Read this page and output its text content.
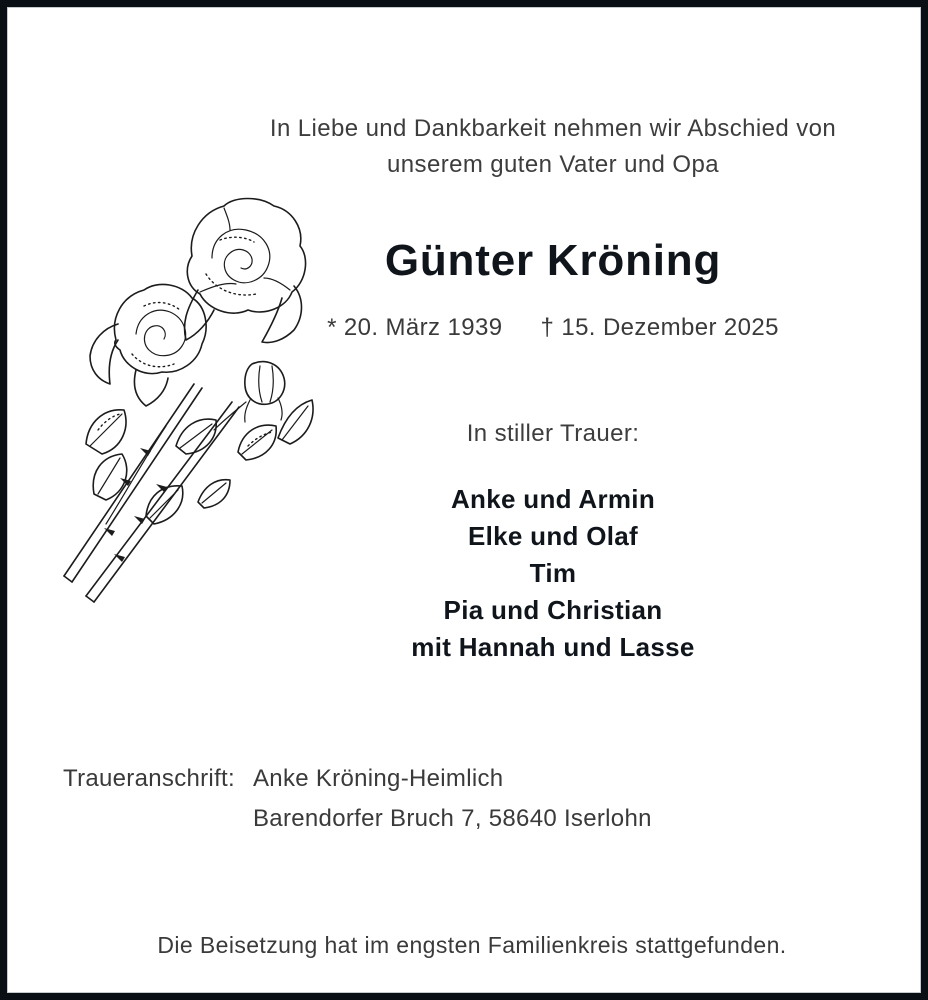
In Liebe und Dankbarkeit nehmen wir Abschied von
unserem guten Vater und Opa
Günter Kröning
* 20. März 1939 † 15. Dezember 2025
In stiller Trauer:
Anke und Armin
Elke und Olaf
Tim
Pia und Christian
mit Hannah und Lasse
Traueranschrift: Anke Kröning-Heimlich
Barendorfer Bruch 7, 58640 Iserlohn
Die Beisetzung hat im engsten Familienkreis stattgefunden.
